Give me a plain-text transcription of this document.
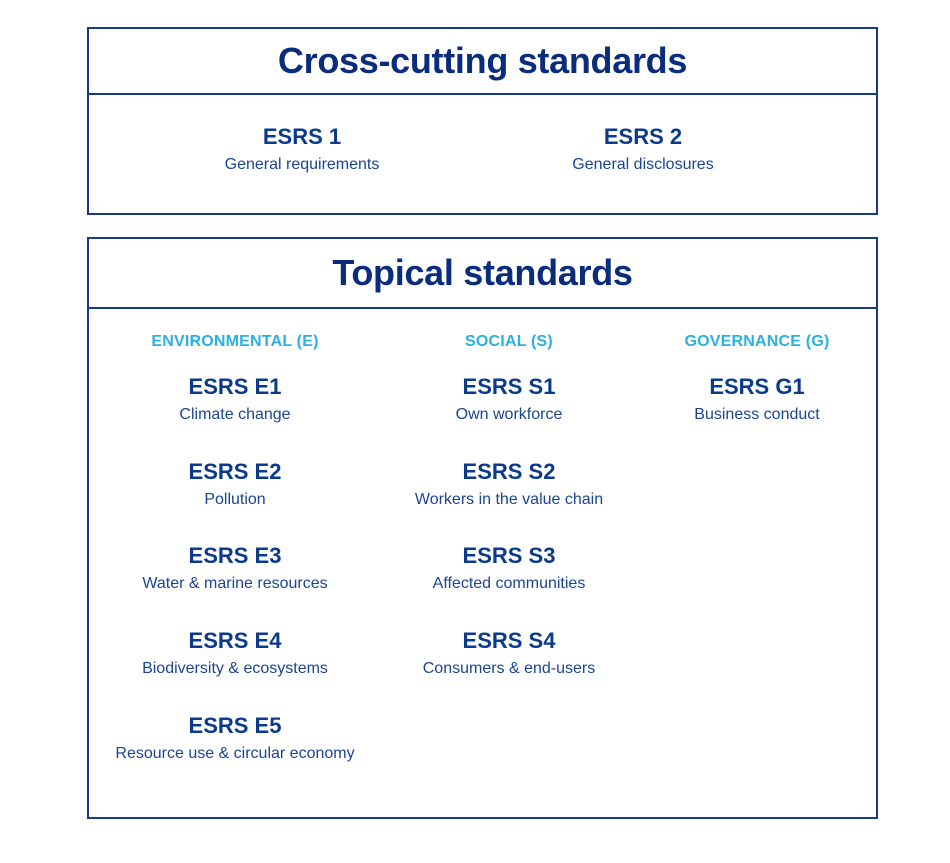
Cross-cutting standards
ESRS 1
General requirements
ESRS 2
General disclosures
Topical standards
ENVIRONMENTAL (E)	SOCIAL (S)	GOVERNANCE (G)
ESRS E1
Climate change
ESRS E2
Pollution
ESRS E3
Water & marine resources
ESRS E4
Biodiversity & ecosystems
ESRS E5
Resource use & circular economy
ESRS S1
Own workforce
ESRS S2
Workers in the value chain
ESRS S3
Affected communities
ESRS S4
Consumers & end-users
ESRS G1
Business conduct
